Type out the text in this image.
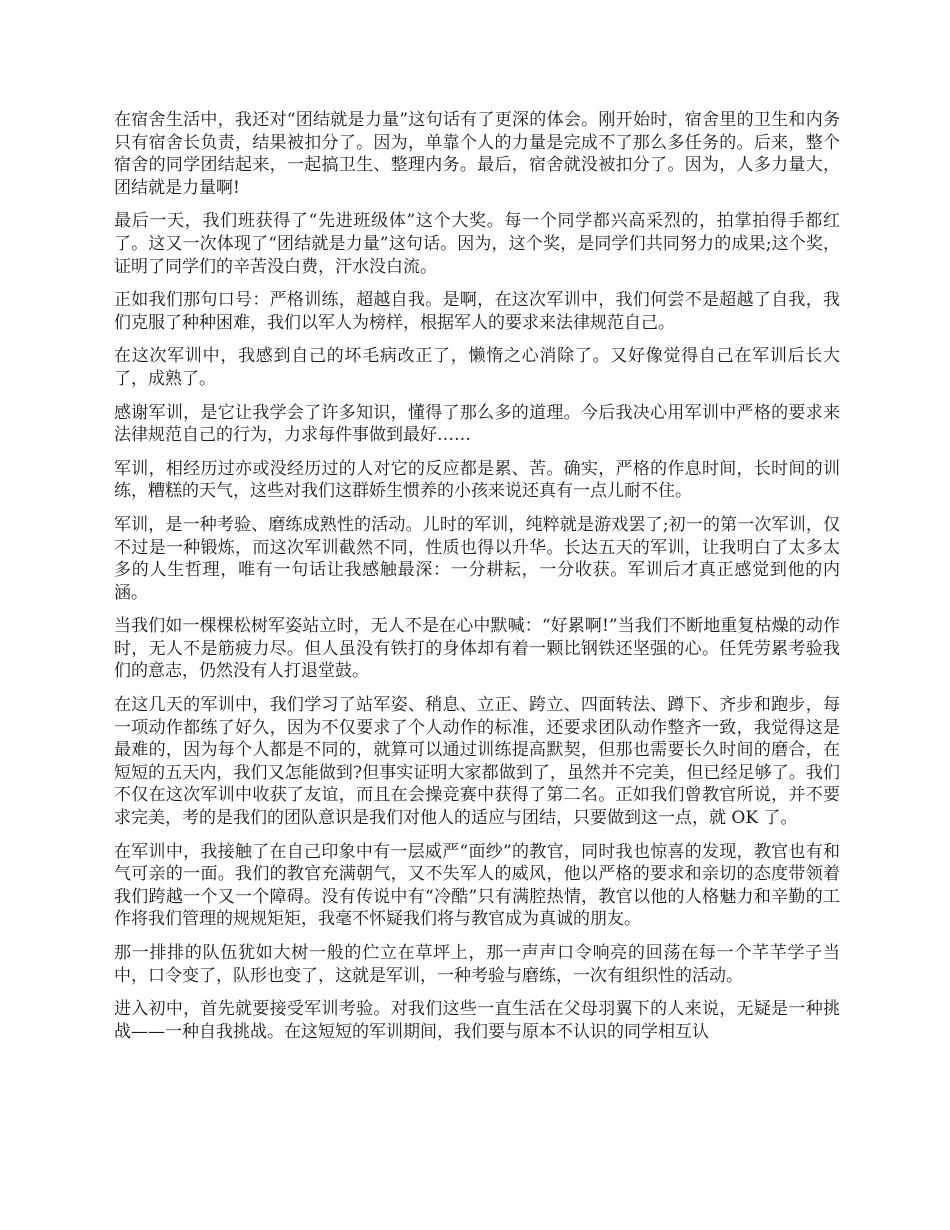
在宿舍生活中，我还对“团结就是力量”这句话有了更深的体会。刚开始时，宿舍里的卫生和内务只有宿舍长负责，结果被扣分了。因为，单靠个人的力量是完成不了那么多任务的。后来，整个宿舍的同学团结起来，一起搞卫生、整理内务。最后，宿舍就没被扣分了。因为，人多力量大，团结就是力量啊!

最后一天，我们班获得了“先进班级体”这个大奖。每一个同学都兴高采烈的，拍掌拍得手都红了。这又一次体现了“团结就是力量”这句话。因为，这个奖，是同学们共同努力的成果;这个奖，证明了同学们的辛苦没白费，汗水没白流。

正如我们那句口号：严格训练，超越自我。是啊，在这次军训中，我们何尝不是超越了自我，我们克服了种种困难，我们以军人为榜样，根据军人的要求来法律规范自己。

在这次军训中，我感到自己的坏毛病改正了，懒惰之心消除了。又好像觉得自己在军训后长大了，成熟了。

感谢军训，是它让我学会了许多知识，懂得了那么多的道理。今后我决心用军训中严格的要求来法律规范自己的行为，力求每件事做到最好……

军训，相经历过亦或没经历过的人对它的反应都是累、苦。确实，严格的作息时间，长时间的训练，糟糕的天气，这些对我们这群娇生惯养的小孩来说还真有一点儿耐不住。

军训，是一种考验、磨练成熟性的活动。儿时的军训，纯粹就是游戏罢了;初一的第一次军训，仅不过是一种锻炼，而这次军训截然不同，性质也得以升华。长达五天的军训，让我明白了太多太多的人生哲理，唯有一句话让我感触最深：一分耕耘，一分收获。军训后才真正感觉到他的内涵。

当我们如一棵棵松树军姿站立时，无人不是在心中默喊：“好累啊!”当我们不断地重复枯燥的动作时，无人不是筋疲力尽。但人虽没有铁打的身体却有着一颗比钢铁还坚强的心。任凭劳累考验我们的意志，仍然没有人打退堂鼓。

在这几天的军训中，我们学习了站军姿、稍息、立正、跨立、四面转法、蹲下、齐步和跑步，每一项动作都练了好久，因为不仅要求了个人动作的标准，还要求团队动作整齐一致，我觉得这是最难的，因为每个人都是不同的，就算可以通过训练提高默契，但那也需要长久时间的磨合，在短短的五天内，我们又怎能做到?但事实证明大家都做到了，虽然并不完美，但已经足够了。我们不仅在这次军训中收获了友谊，而且在会操竞赛中获得了第二名。正如我们曾教官所说，并不要求完美，考的是我们的团队意识是我们对他人的适应与团结，只要做到这一点，就 OK 了。

在军训中，我接触了在自己印象中有一层威严“面纱”的教官，同时我也惊喜的发现，教官也有和气可亲的一面。我们的教官充满朝气，又不失军人的威风，他以严格的要求和亲切的态度带领着我们跨越一个又一个障碍。没有传说中有“冷酷”只有满腔热情，教官以他的人格魅力和辛勤的工作将我们管理的规规矩矩，我毫不怀疑我们将与教官成为真诚的朋友。

那一排排的队伍犹如大树一般的伫立在草坪上，那一声声口令响亮的回荡在每一个芊芊学子当中，口令变了，队形也变了，这就是军训，一种考验与磨练，一次有组织性的活动。

进入初中，首先就要接受军训考验。对我们这些一直生活在父母羽翼下的人来说，无疑是一种挑战——一种自我挑战。在这短短的军训期间，我们要与原本不认识的同学相互认
